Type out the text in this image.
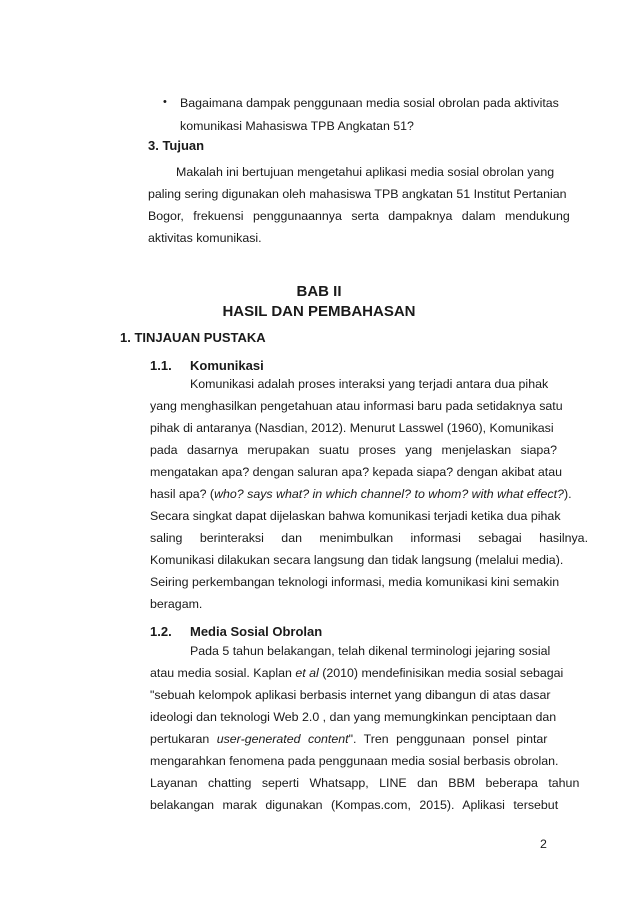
• Bagaimana dampak penggunaan media sosial obrolan pada aktivitas
komunikasi Mahasiswa TPB Angkatan 51?
3. Tujuan
Makalah ini bertujuan mengetahui aplikasi media sosial obrolan yang
paling sering digunakan oleh mahasiswa TPB angkatan 51 Institut Pertanian
Bogor, frekuensi penggunaannya serta dampaknya dalam mendukung
aktivitas komunikasi.
BAB II
HASIL DAN PEMBAHASAN
1. TINJAUAN PUSTAKA
1.1. Komunikasi
Komunikasi adalah proses interaksi yang terjadi antara dua pihak
yang menghasilkan pengetahuan atau informasi baru pada setidaknya satu
pihak di antaranya (Nasdian, 2012). Menurut Lasswel (1960), Komunikasi
pada dasarnya merupakan suatu proses yang menjelaskan siapa?
mengatakan apa? dengan saluran apa? kepada siapa? dengan akibat atau
hasil apa? (who? says what? in which channel? to whom? with what effect?).
Secara singkat dapat dijelaskan bahwa komunikasi terjadi ketika dua pihak
saling berinteraksi dan menimbulkan informasi sebagai hasilnya.
Komunikasi dilakukan secara langsung dan tidak langsung (melalui media).
Seiring perkembangan teknologi informasi, media komunikasi kini semakin
beragam.
1.2. Media Sosial Obrolan
Pada 5 tahun belakangan, telah dikenal terminologi jejaring sosial
atau media sosial. Kaplan et al (2010) mendefinisikan media sosial sebagai
"sebuah kelompok aplikasi berbasis internet yang dibangun di atas dasar
ideologi dan teknologi Web 2.0 , dan yang memungkinkan penciptaan dan
pertukaran user-generated content". Tren penggunaan ponsel pintar
mengarahkan fenomena pada penggunaan media sosial berbasis obrolan.
Layanan chatting seperti Whatsapp, LINE dan BBM beberapa tahun
belakangan marak digunakan (Kompas.com, 2015). Aplikasi tersebut
2
